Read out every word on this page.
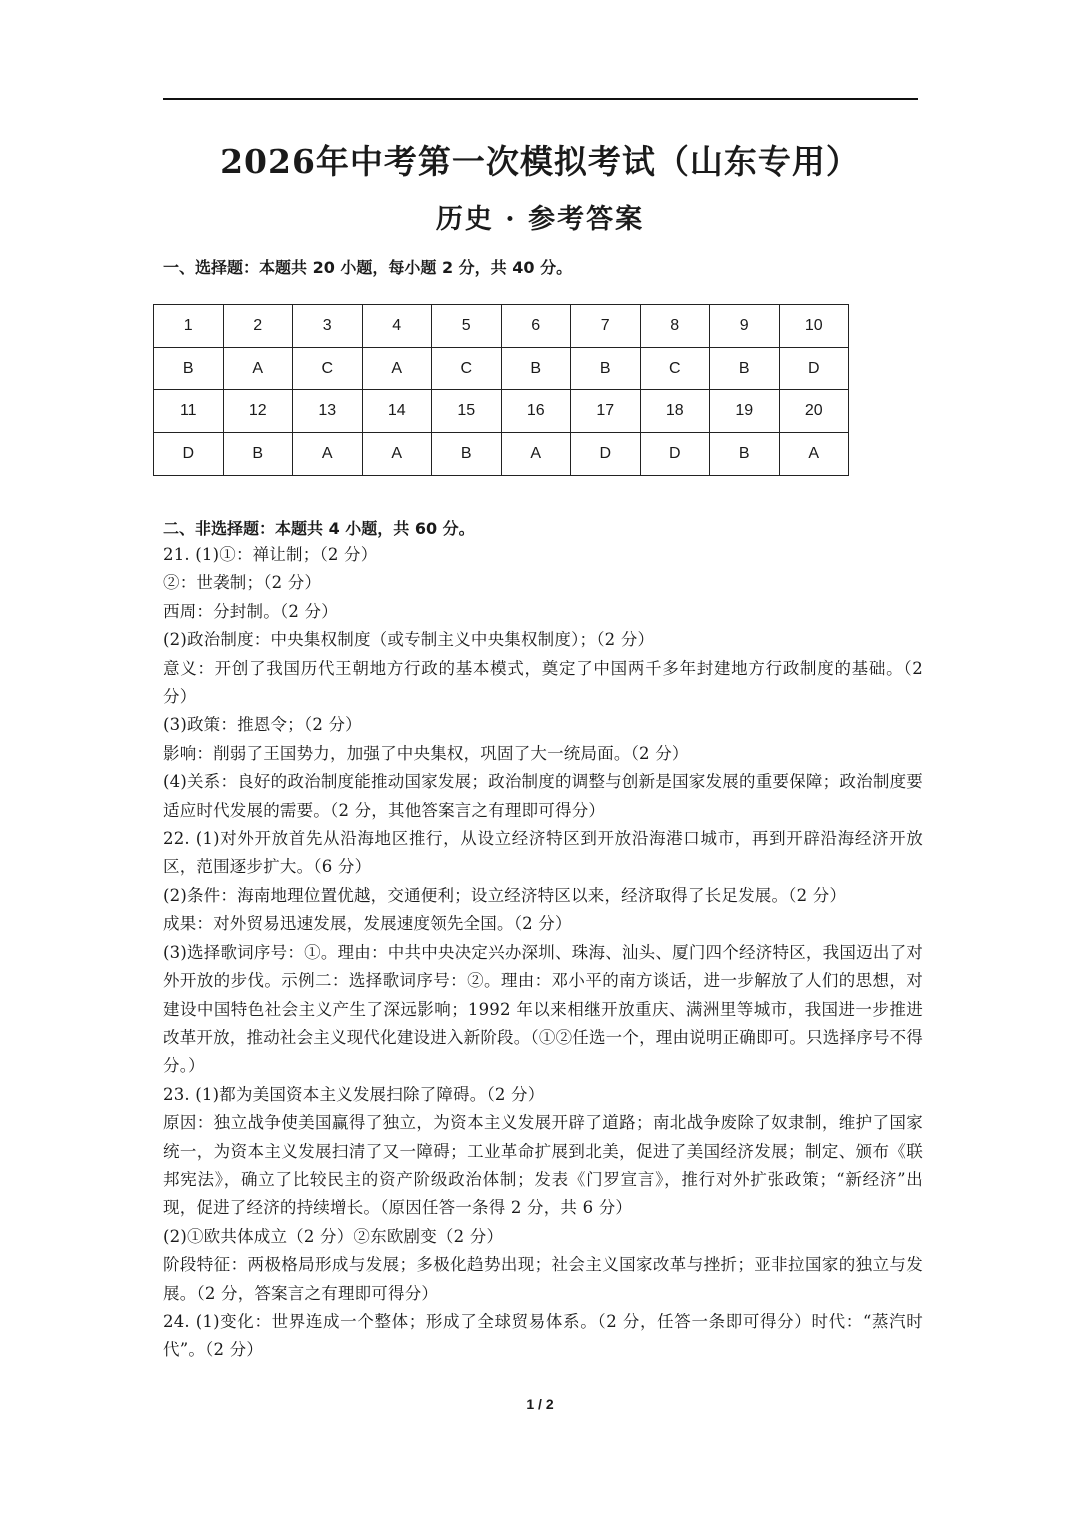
2026年中考第一次模拟考试（山东专用）
历史 · 参考答案
一、选择题：本题共 20 小题，每小题 2 分，共 40 分。
1	2	3	4	5	6	7	8	9	10
B	A	C	A	C	B	B	C	B	D
11	12	13	14	15	16	17	18	19	20
D	B	A	A	B	A	D	D	B	A
二、非选择题：本题共 4 小题，共 60 分。

21. (1)①：禅让制；（2 分）

②：世袭制；（2 分）

西周：分封制。（2 分）

(2)政治制度：中央集权制度（或专制主义中央集权制度）；（2 分）

意义：开创了我国历代王朝地方行政的基本模式，奠定了中国两千多年封建地方行政制度的基础。（2 分）

(3)政策：推恩令；（2 分）

影响：削弱了王国势力，加强了中央集权，巩固了大一统局面。（2 分）

(4)关系：良好的政治制度能推动国家发展；政治制度的调整与创新是国家发展的重要保障；政治制度要适应时代发展的需要。（2 分，其他答案言之有理即可得分）

22. (1)对外开放首先从沿海地区推行，从设立经济特区到开放沿海港口城市，再到开辟沿海经济开放区，范围逐步扩大。（6 分）

(2)条件：海南地理位置优越，交通便利；设立经济特区以来，经济取得了长足发展。（2 分）

成果：对外贸易迅速发展，发展速度领先全国。（2 分）

(3)选择歌词序号：①。理由：中共中央决定兴办深圳、珠海、汕头、厦门四个经济特区，我国迈出了对外开放的步伐。示例二：选择歌词序号：②。理由：邓小平的南方谈话，进一步解放了人们的思想，对建设中国特色社会主义产生了深远影响；1992 年以来相继开放重庆、满洲里等城市，我国进一步推进改革开放，推动社会主义现代化建设进入新阶段。（①②任选一个，理由说明正确即可。只选择序号不得分。）

23. (1)都为美国资本主义发展扫除了障碍。（2 分）

原因：独立战争使美国赢得了独立，为资本主义发展开辟了道路；南北战争废除了奴隶制，维护了国家统一，为资本主义发展扫清了又一障碍；工业革命扩展到北美，促进了美国经济发展；制定、颁布《联邦宪法》，确立了比较民主的资产阶级政治体制；发表《门罗宣言》，推行对外扩张政策；“新经济”出现，促进了经济的持续增长。（原因任答一条得 2 分，共 6 分）

(2)①欧共体成立（2 分）②东欧剧变（2 分）

阶段特征：两极格局形成与发展；多极化趋势出现；社会主义国家改革与挫折；亚非拉国家的独立与发展。（2 分，答案言之有理即可得分）

24. (1)变化：世界连成一个整体；形成了全球贸易体系。（2 分，任答一条即可得分）时代：“蒸汽时代”。（2 分）

1 / 2
